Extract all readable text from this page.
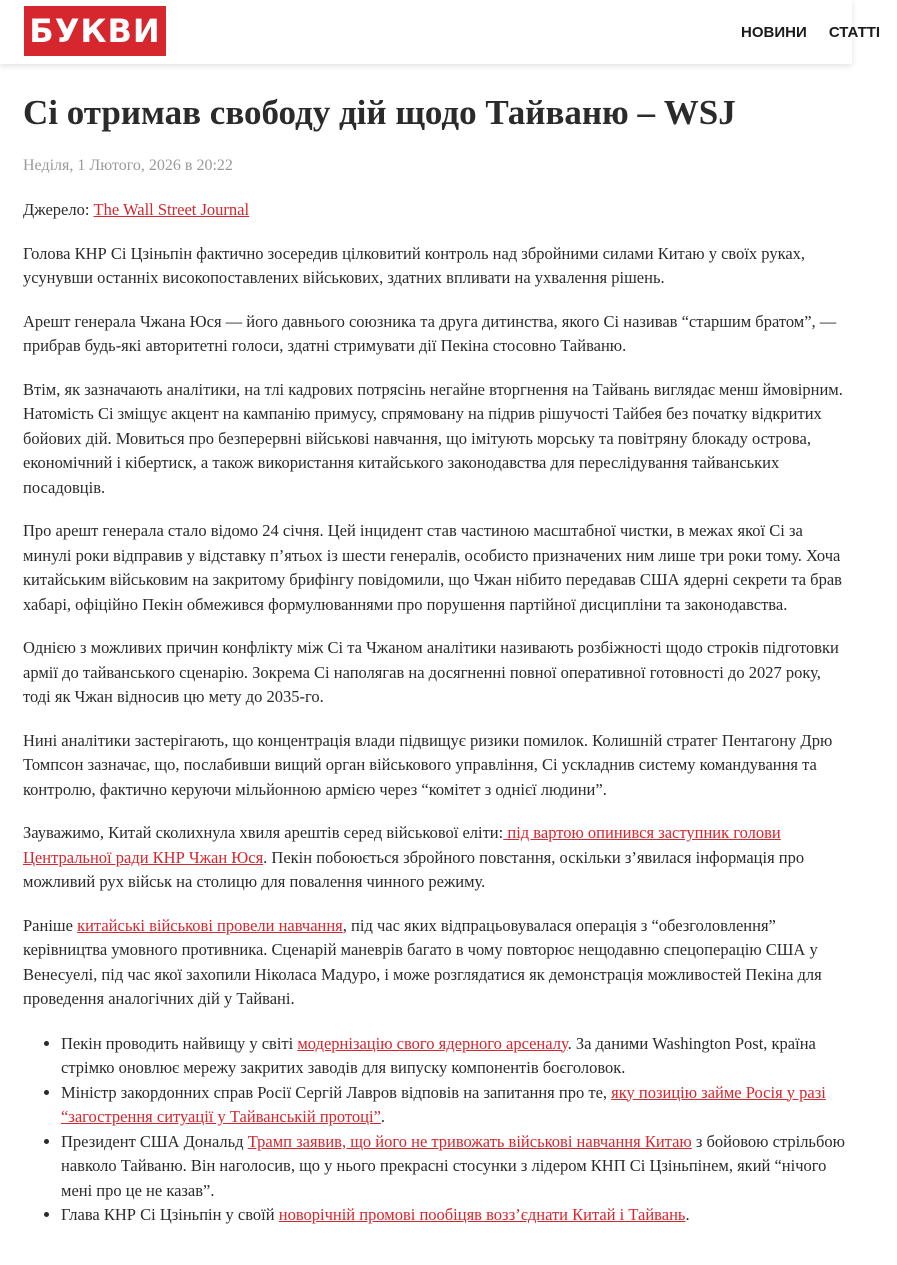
БУКВИ	НОВИНИ СТАТТІ
Сі отримав свободу дій щодо Тайваню – WSJ
Неділя, 1 Лютого, 2026 в 20:22

Джерело: The Wall Street Journal

Голова КНР Сі Цзіньпін фактично зосередив цілковитий контроль над збройними силами Китаю у своїх руках, усунувши останніх високопоставлених військових, здатних впливати на ухвалення рішень.

Арешт генерала Чжана Юся — його давнього союзника та друга дитинства, якого Сі називав “старшим братом”, — прибрав будь-які авторитетні голоси, здатні стримувати дії Пекіна стосовно Тайваню.

Втім, як зазначають аналітики, на тлі кадрових потрясінь негайне вторгнення на Тайвань виглядає менш ймовірним. Натомість Сі зміщує акцент на кампанію примусу, спрямовану на підрив рішучості Тайбея без початку відкритих бойових дій. Мовиться про безперервні військові навчання, що імітують морську та повітряну блокаду острова, економічний і кібертиск, а також використання китайського законодавства для переслідування тайванських посадовців.

Про арешт генерала стало відомо 24 січня. Цей інцидент став частиною масштабної чистки, в межах якої Сі за минулі роки відправив у відставку п’ятьох із шести генералів, особисто призначених ним лише три роки тому. Хоча китайським військовим на закритому брифінгу повідомили, що Чжан нібито передавав США ядерні секрети та брав хабарі, офіційно Пекін обмежився формулюваннями про порушення партійної дисципліни та законодавства.

Однією з можливих причин конфлікту між Сі та Чжаном аналітики називають розбіжності щодо строків підготовки армії до тайванського сценарію. Зокрема Сі наполягав на досягненні повної оперативної готовності до 2027 року, тоді як Чжан відносив цю мету до 2035-го.

Нині аналітики застерігають, що концентрація влади підвищує ризики помилок. Колишній стратег Пентагону Дрю Томпсон зазначає, що, послабивши вищий орган військового управління, Сі ускладнив систему командування та контролю, фактично керуючи мільйонною армією через “комітет з однієї людини”.

Зауважимо, Китай сколихнула хвиля арештів серед військової еліти: під вартою опинився заступник голови Центральної ради КНР Чжан Юся. Пекін побоюється збройного повстання, оскільки з’явилася інформація про можливий рух військ на столицю для повалення чинного режиму.

Раніше китайські військові провели навчання, під час яких відпрацьовувалася операція з “обезголовлення” керівництва умовного противника. Сценарій маневрів багато в чому повторює нещодавню спецоперацію США у Венесуелі, під час якої захопили Ніколаса Мадуро, і може розглядатися як демонстрація можливостей Пекіна для проведення аналогічних дій у Тайвані.

• Пекін проводить найвищу у світі модернізацію свого ядерного арсеналу. За даними Washington Post, країна стрімко оновлює мережу закритих заводів для випуску компонентів боєголовок.
• Міністр закордонних справ Росії Сергій Лавров відповів на запитання про те, яку позицію займе Росія у разі “загострення ситуації у Тайванській протоці”.
• Президент США Дональд Трамп заявив, що його не тривожать військові навчання Китаю з бойовою стрільбою навколо Тайваню. Він наголосив, що у нього прекрасні стосунки з лідером КНП Сі Цзіньпінем, який “нічого мені про це не казав”.
• Глава КНР Сі Цзіньпін у своїй новорічній промові пообіцяв возз’єднати Китай і Тайвань.
